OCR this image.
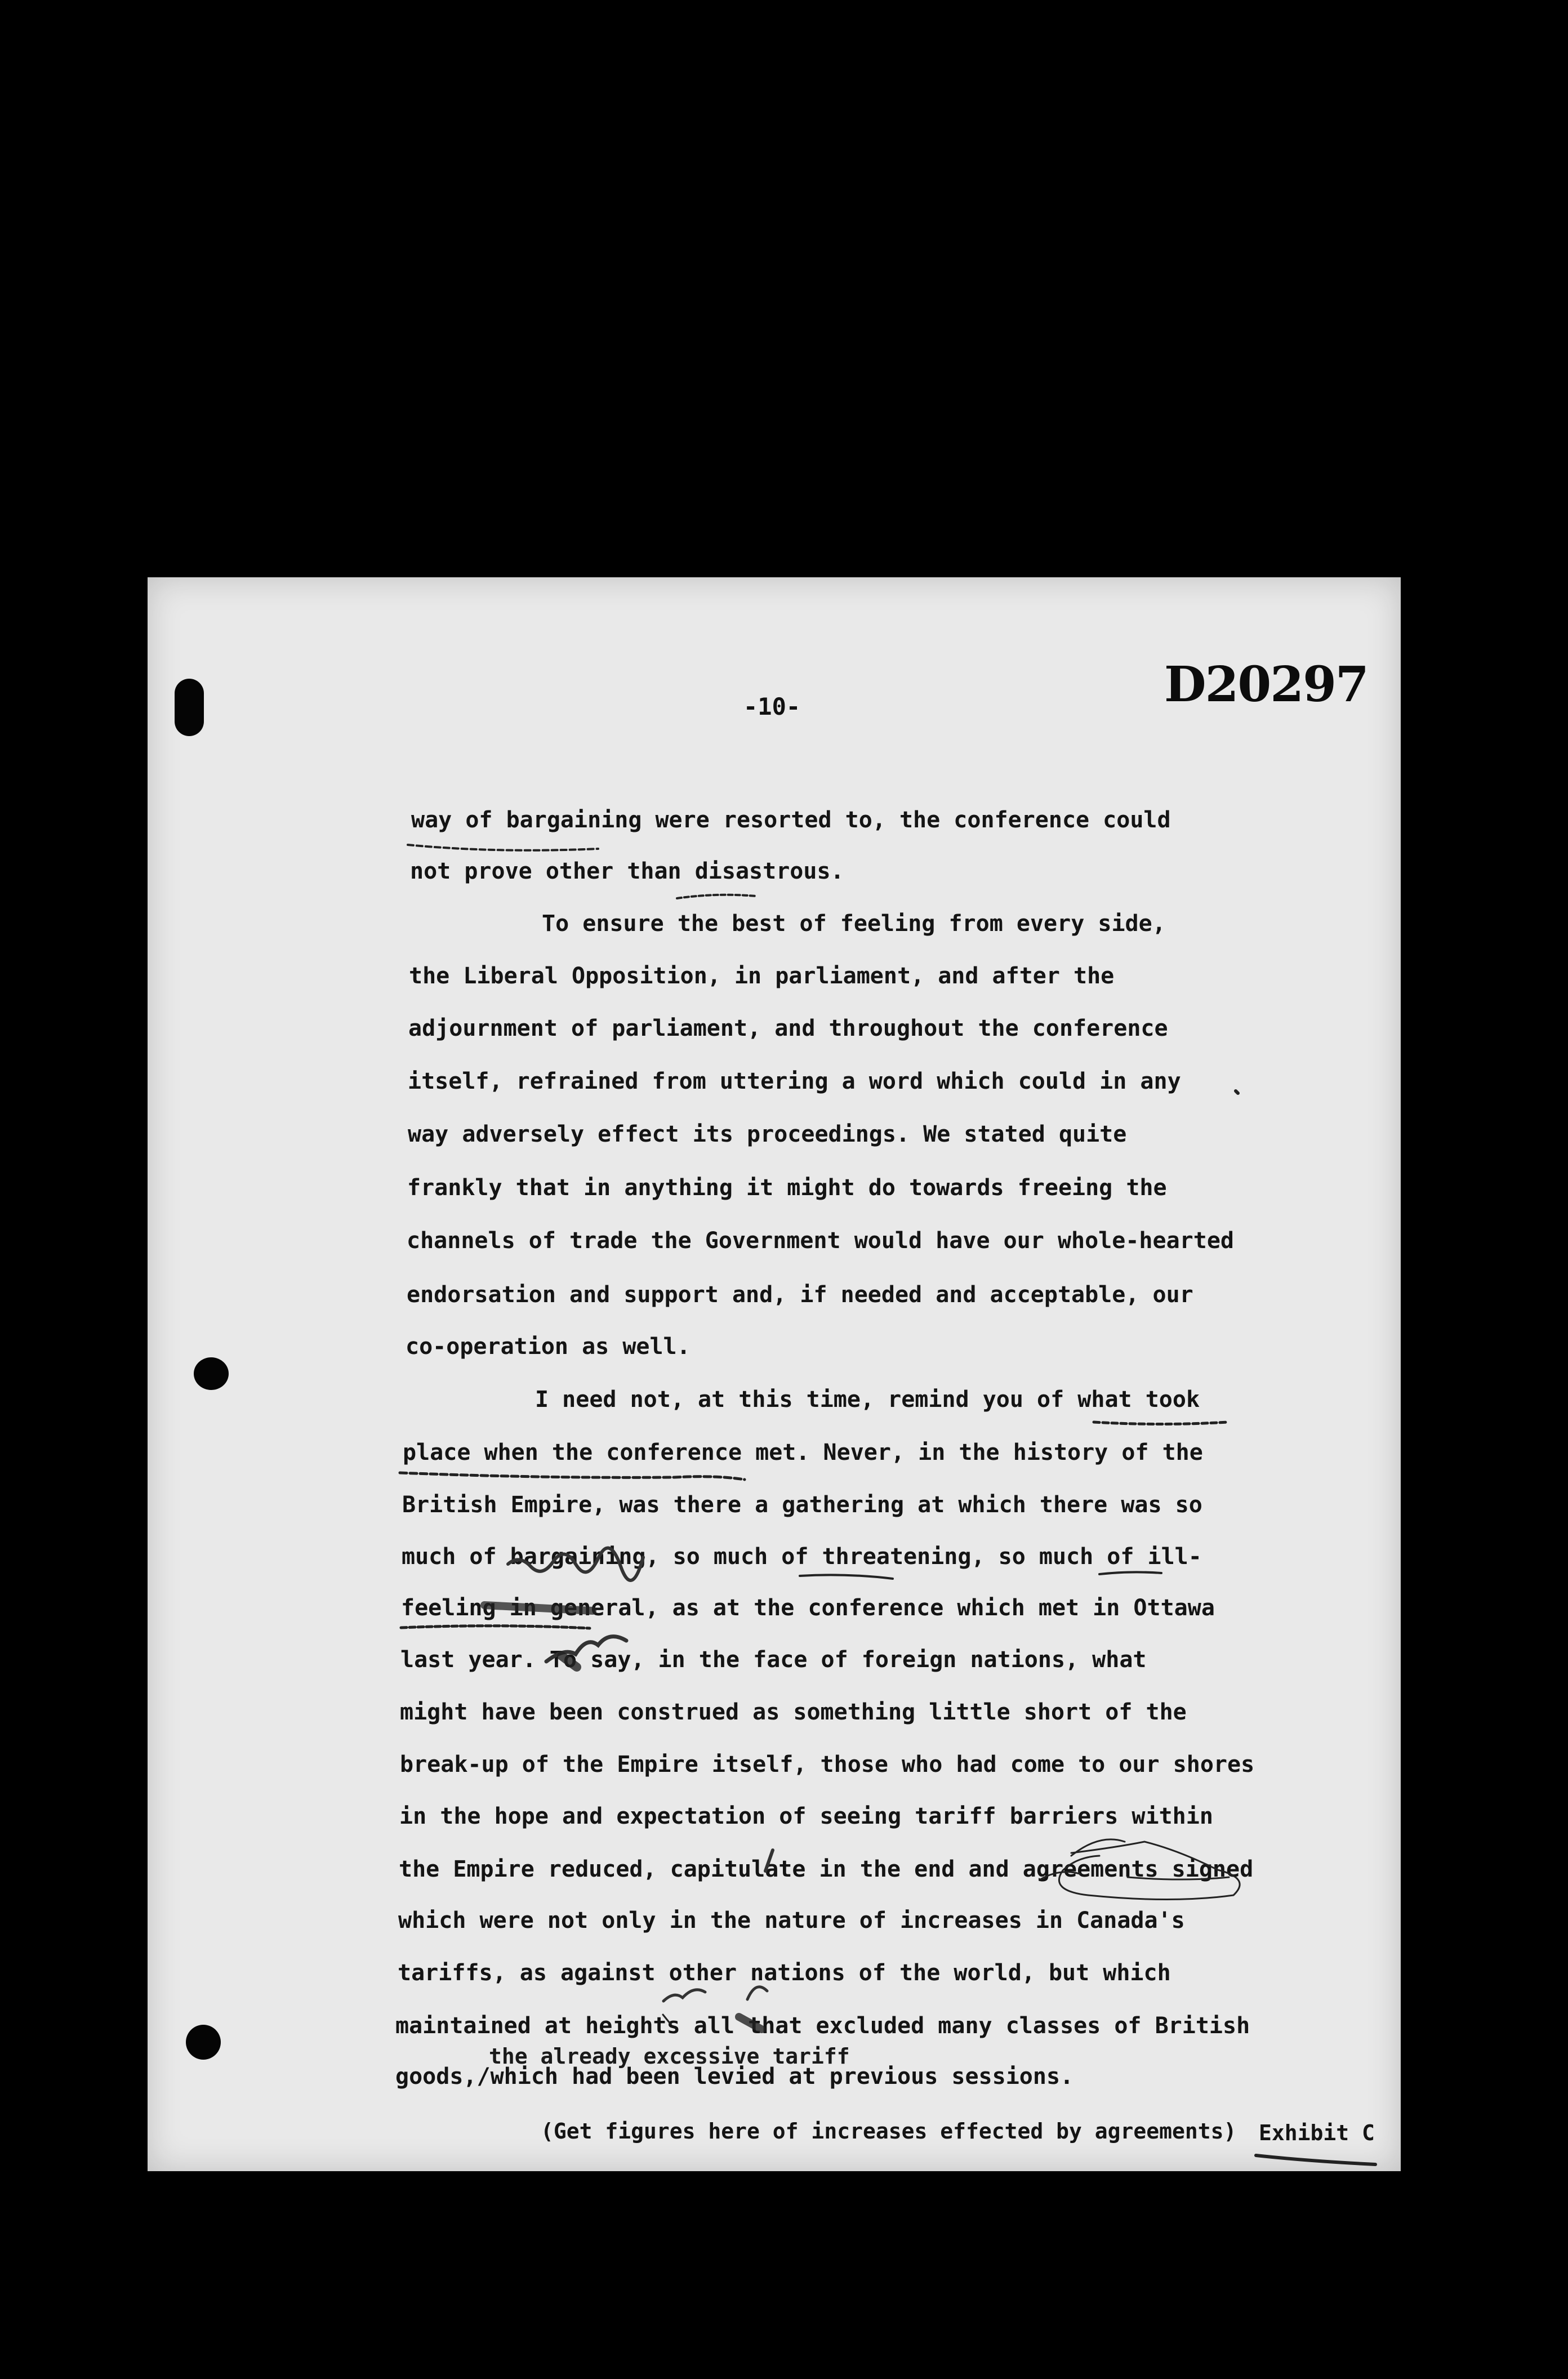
D20297
-10-
way of bargaining were resorted to, the conference could
not prove other than disastrous.
To ensure the best of feeling from every side,
the Liberal Opposition, in parliament, and after the
adjournment of parliament, and throughout the conference
itself, refrained from uttering a word which could in any
way adversely effect its proceedings. We stated quite
frankly that in anything it might do towards freeing the
channels of trade the Government would have our whole-hearted
endorsation and support and, if needed and acceptable, our
co-operation as well.
I need not, at this time, remind you of what took
place when the conference met. Never, in the history of the
British Empire, was there a gathering at which there was so
much of bargaining, so much of threatening, so much of ill-
feeling in general, as at the conference which met in Ottawa
last year. To say, in the face of foreign nations, what
might have been construed as something little short of the
break-up of the Empire itself, those who had come to our shores
in the hope and expectation of seeing tariff barriers within
the Empire reduced, capitulate in the end and agreements signed
which were not only in the nature of increases in Canada's
tariffs, as against other nations of the world, but which
maintained at heights all that excluded many classes of British
the already excessive tariff
goods,/which had been levied at previous sessions.
(Get figures here of increases effected by agreements) Exhibit C
